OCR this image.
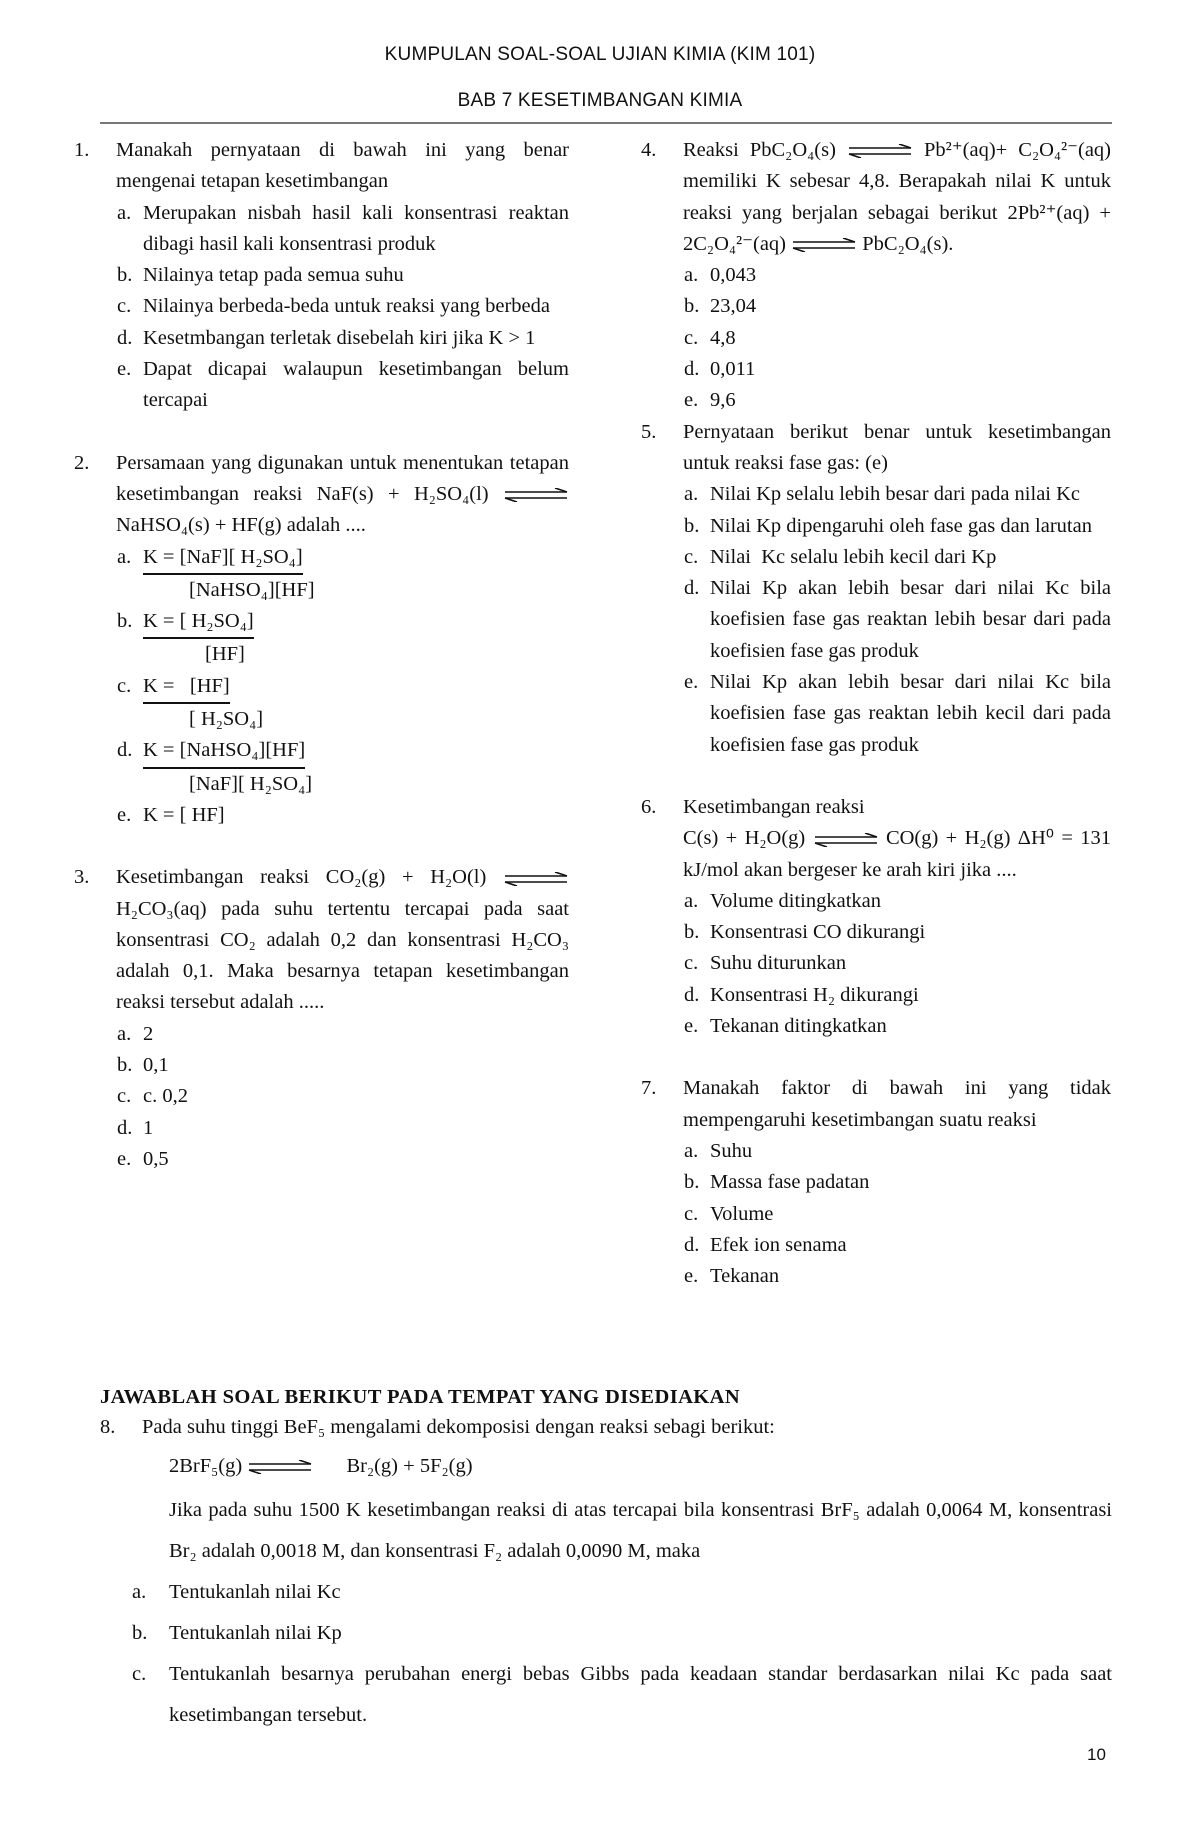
KUMPULAN SOAL-SOAL UJIAN KIMIA (KIM 101)
BAB 7 KESETIMBANGAN KIMIA
1. Manakah pernyataan di bawah ini yang benar mengenai tetapan kesetimbangan
a. Merupakan nisbah hasil kali konsentrasi reaktan dibagi hasil kali konsentrasi produk
b. Nilainya tetap pada semua suhu
c. Nilainya berbeda-beda untuk reaksi yang berbeda
d. Kesetmbangan terletak disebelah kiri jika K > 1
e. Dapat dicapai walaupun kesetimbangan belum tercapai
2. Persamaan yang digunakan untuk menentukan tetapan kesetimbangan reaksi NaF(s) + H₂SO₄(l) ⇌ NaHSO₄(s) + HF(g) adalah ....
a. K = [NaF][ H₂SO₄]
[NaHSO₄][HF]
b. K = [ H₂SO₄]
[HF]
c. K =   [HF]
[ H₂SO₄]
d. K = [NaHSO₄][HF]
[NaF][ H₂SO₄]
e. K = [ HF]
3. Kesetimbangan reaksi CO₂(g) + H₂O(l) ⇌ H₂CO₃(aq) pada suhu tertentu tercapai pada saat konsentrasi CO₂ adalah 0,2 dan konsentrasi H₂CO₃ adalah 0,1. Maka besarnya tetapan kesetimbangan reaksi tersebut adalah .....
a. 2
b. 0,1
c. c. 0,2
d. 1
e. 0,5
4. Reaksi PbC₂O₄(s) ⇌ Pb²⁺(aq)+ C₂O₄²⁻(aq) memiliki K sebesar 4,8. Berapakah nilai K untuk reaksi yang berjalan sebagai berikut 2Pb²⁺(aq) + 2C₂O₄²⁻(aq) ⇌ PbC₂O₄(s).
a. 0,043
b. 23,04
c. 4,8
d. 0,011
e. 9,6
5. Pernyataan berikut benar untuk kesetimbangan untuk reaksi fase gas: (e)
a. Nilai Kp selalu lebih besar dari pada nilai Kc
b. Nilai Kp dipengaruhi oleh fase gas dan larutan
c. Nilai  Kc selalu lebih kecil dari Kp
d. Nilai Kp akan lebih besar dari nilai Kc bila koefisien fase gas reaktan lebih besar dari pada koefisien fase gas produk
e. Nilai Kp akan lebih besar dari nilai Kc bila koefisien fase gas reaktan lebih kecil dari pada koefisien fase gas produk
6. Kesetimbangan reaksi
C(s) + H₂O(g) ⇌ CO(g) + H₂(g) ΔH⁰ = 131 kJ/mol akan bergeser ke arah kiri jika ....
a. Volume ditingkatkan
b. Konsentrasi CO dikurangi
c. Suhu diturunkan
d. Konsentrasi H₂ dikurangi
e. Tekanan ditingkatkan
7. Manakah faktor di bawah ini yang tidak mempengaruhi kesetimbangan suatu reaksi
a. Suhu
b. Massa fase padatan
c. Volume
d. Efek ion senama
e. Tekanan

JAWABLAH SOAL BERIKUT PADA TEMPAT YANG DISEDIAKAN

8. Pada suhu tinggi BeF₅ mengalami dekomposisi dengan reaksi sebagi berikut:
2BrF₅(g) ⇌ Br₂(g) + 5F₂(g)
Jika pada suhu 1500 K kesetimbangan reaksi di atas tercapai bila konsentrasi BrF₅ adalah 0,0064 M, konsentrasi Br₂ adalah 0,0018 M, dan konsentrasi F₂ adalah 0,0090 M, maka
a. Tentukanlah nilai Kc
b. Tentukanlah nilai Kp
c. Tentukanlah besarnya perubahan energi bebas Gibbs pada keadaan standar berdasarkan nilai Kc pada saat kesetimbangan tersebut.
10
